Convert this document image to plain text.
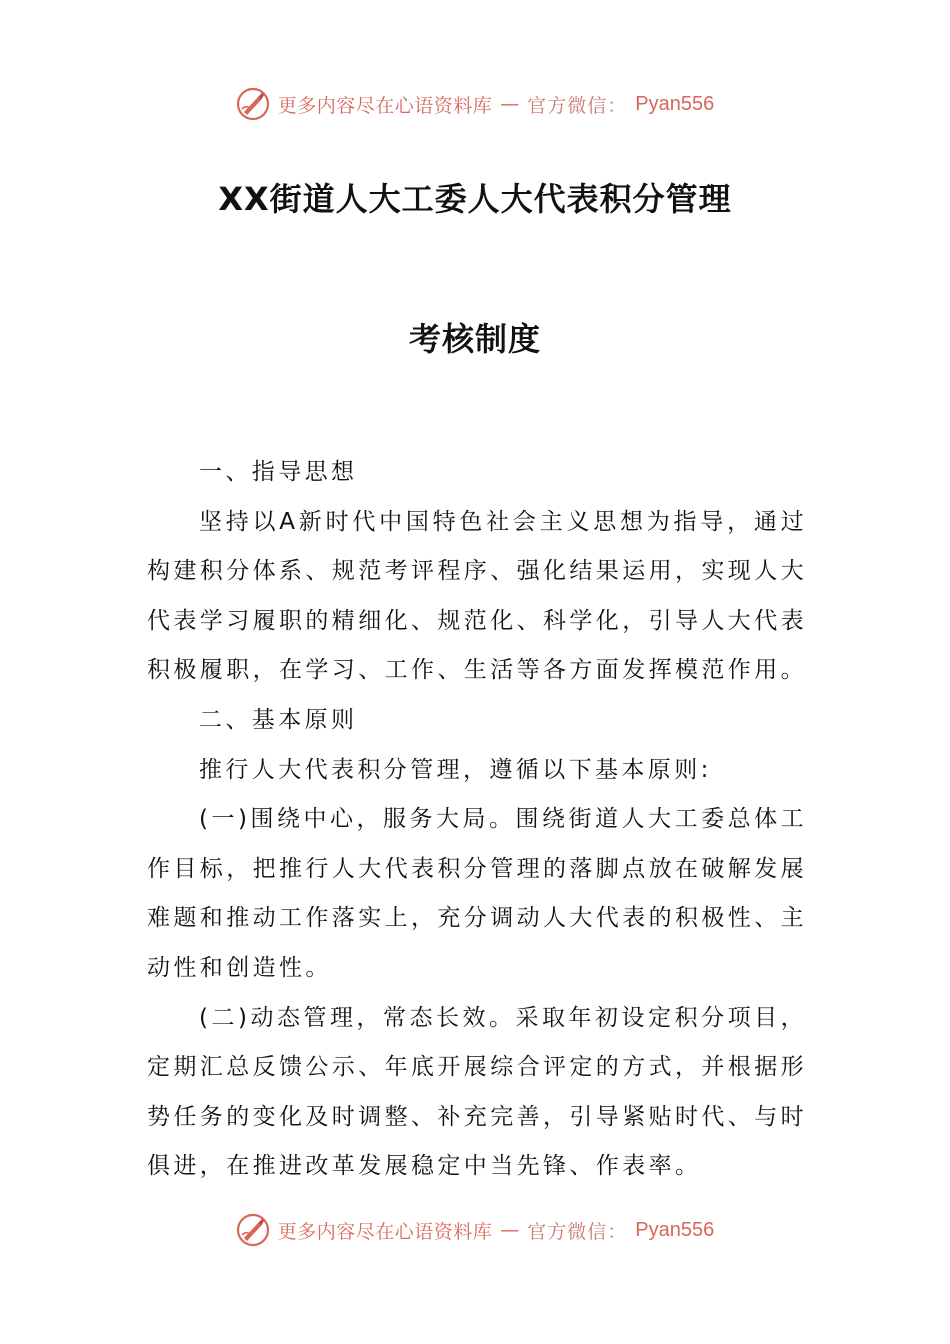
更多内容尽在心语资料库 — 官方微信： Pyan556
XX街道人大工委人大代表积分管理
考核制度

一、指导思想

坚持以A新时代中国特色社会主义思想为指导，通过构建积分体系、规范考评程序、强化结果运用，实现人大代表学习履职的精细化、规范化、科学化，引导人大代表积极履职，在学习、工作、生活等各方面发挥模范作用。

二、基本原则

推行人大代表积分管理，遵循以下基本原则:

(一)围绕中心，服务大局。围绕街道人大工委总体工作目标，把推行人大代表积分管理的落脚点放在破解发展难题和推动工作落实上，充分调动人大代表的积极性、主动性和创造性。

(二)动态管理，常态长效。采取年初设定积分项目，定期汇总反馈公示、年底开展综合评定的方式，并根据形势任务的变化及时调整、补充完善，引导紧贴时代、与时俱进，在推进改革发展稳定中当先锋、作表率。

更多内容尽在心语资料库 — 官方微信： Pyan556
